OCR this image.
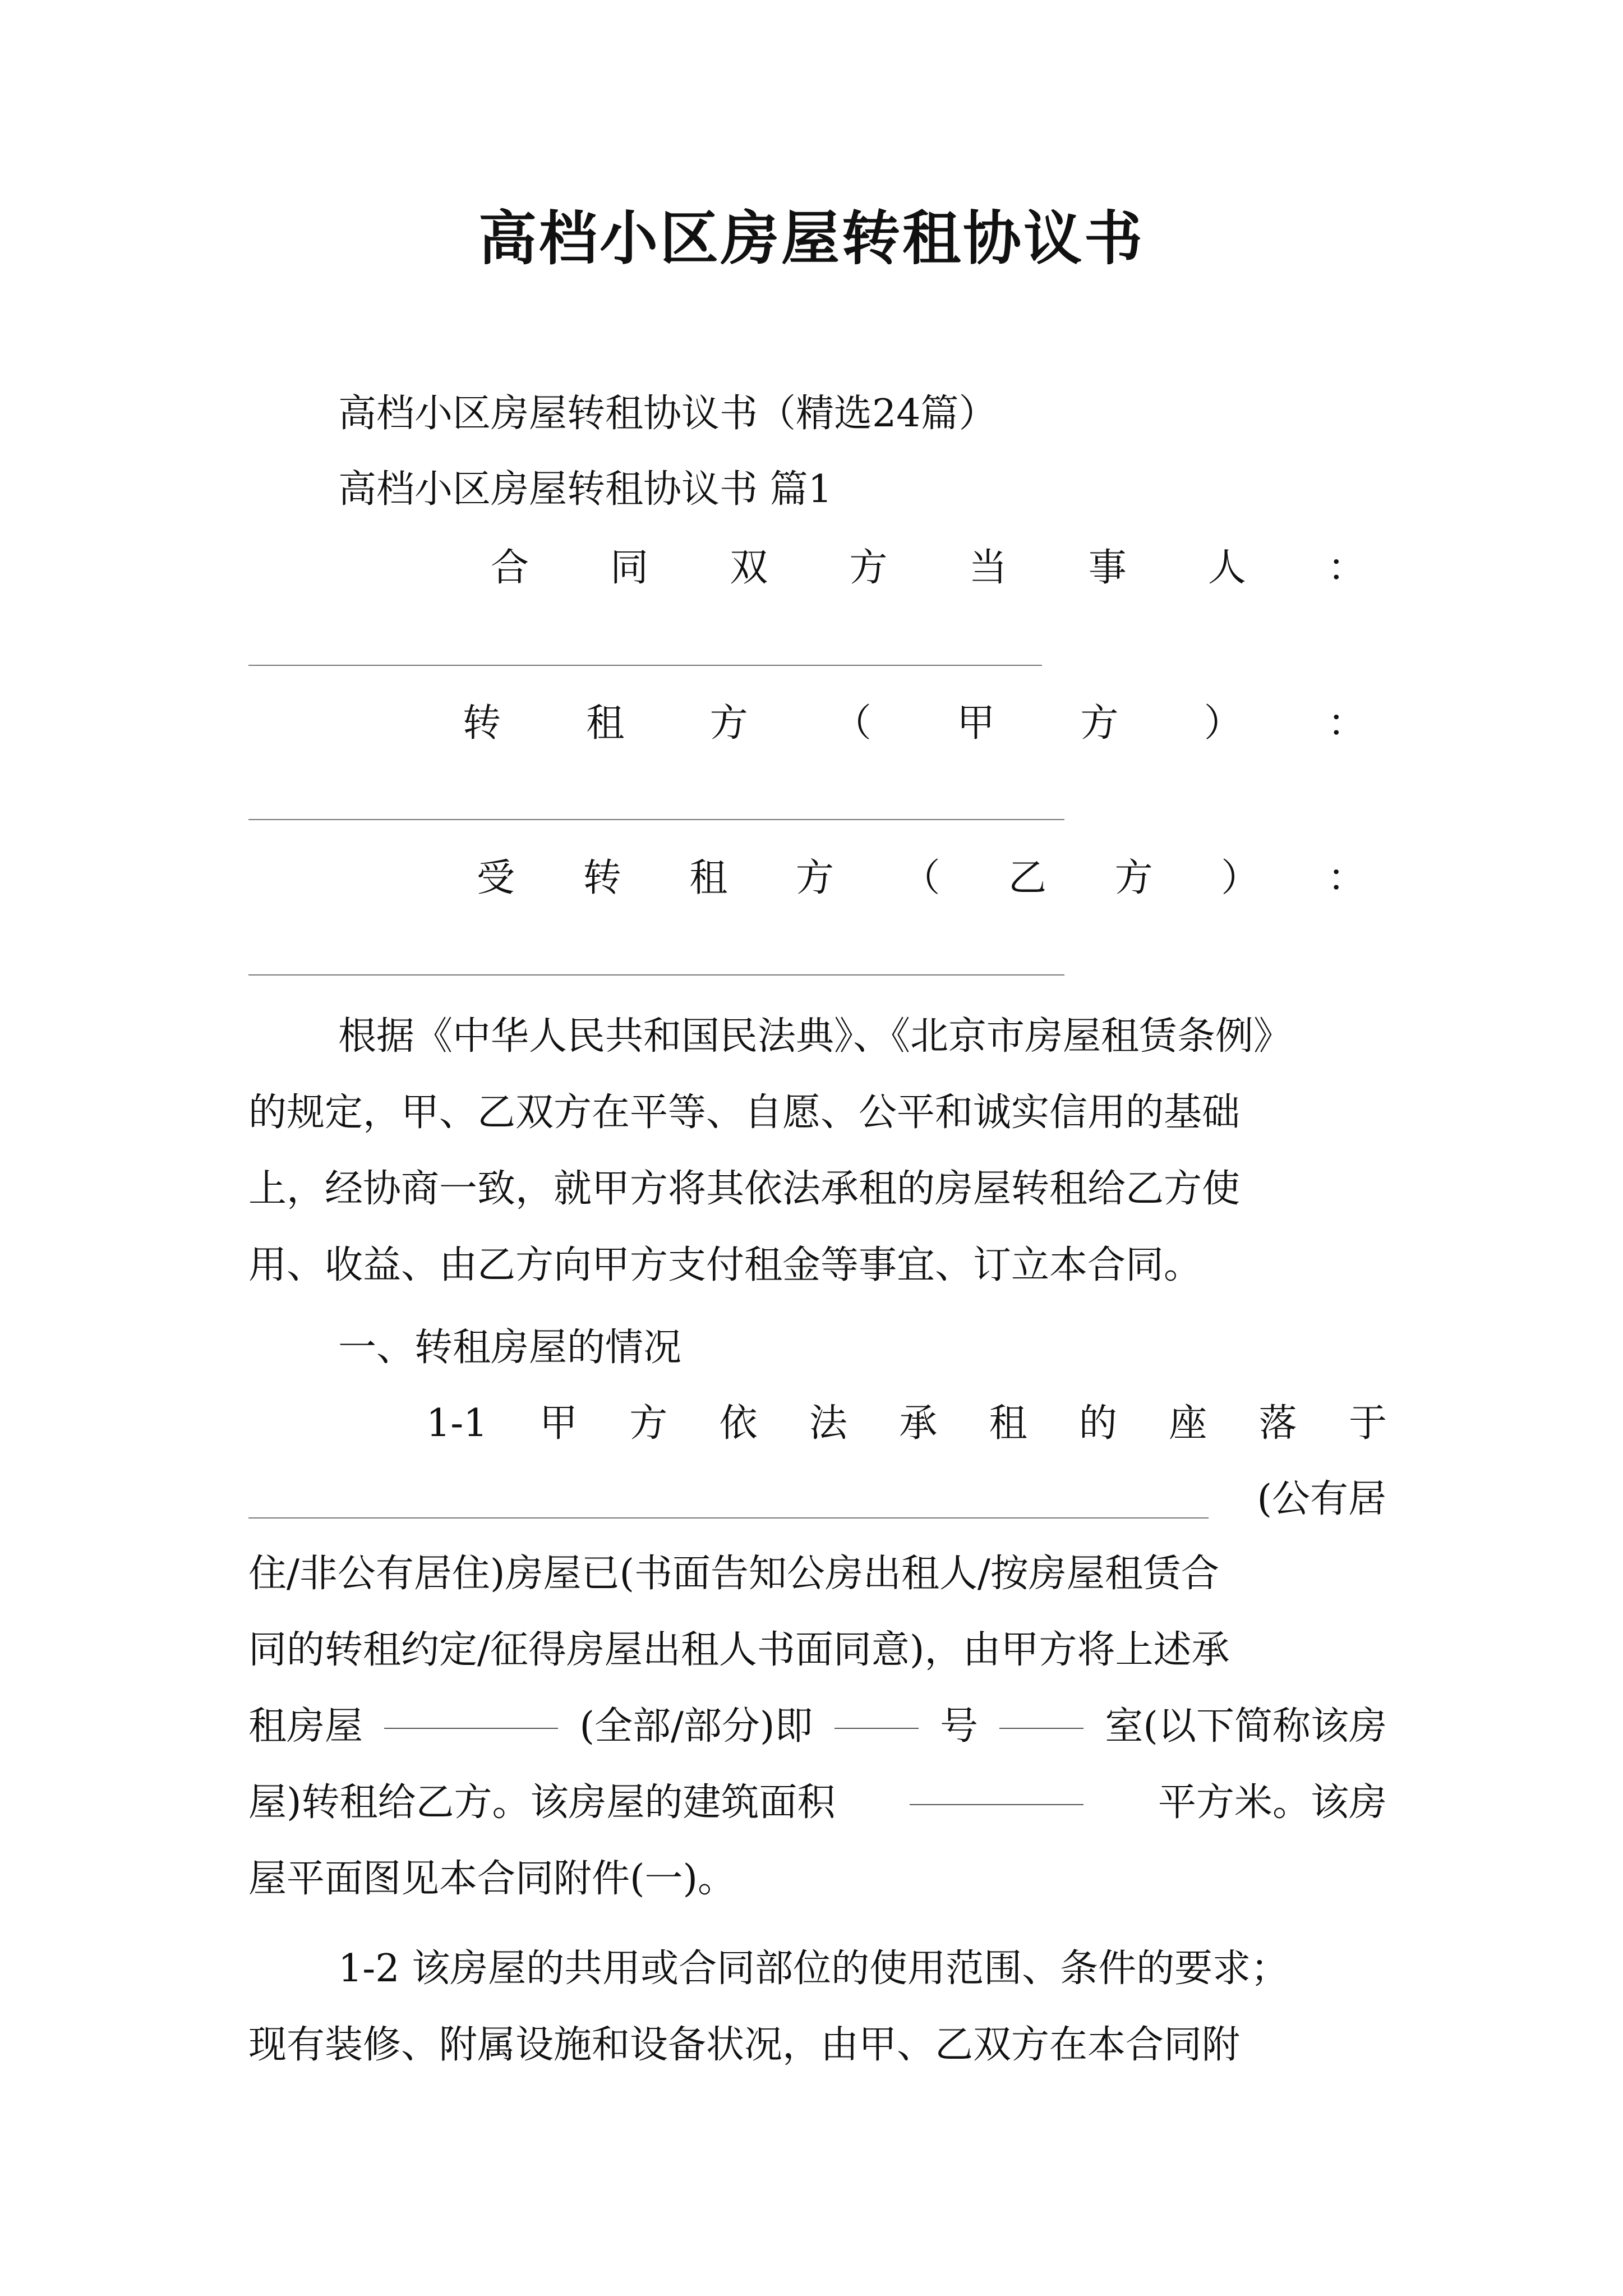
高档小区房屋转租协议书
高档小区房屋转租协议书（精选24篇）
高档小区房屋转租协议书 篇1
合 同 双 方 当 事 人 ：
转 租 方 （ 甲 方 ） ：
受 转 租 方 （ 乙 方 ） ：
根据《中华人民共和国民法典》、《北京市房屋租赁条例》
的规定，甲、乙双方在平等、自愿、公平和诚实信用的基础
上，经协商一致，就甲方将其依法承租的房屋转租给乙方使
用、收益、由乙方向甲方支付租金等事宜、订立本合同。
一、转租房屋的情况
1-1 甲 方 依 法 承 租 的 座 落 于
(公有居
住/非公有居住)房屋已(书面告知公房出租人/按房屋租赁合
同的转租约定/征得房屋出租人书面同意)，由甲方将上述承
租房屋	(全部/部分)即	号	室(以下简称该房
屋)转租给乙方。该房屋的建筑面积	平方米。该房
屋平面图见本合同附件(一)。
1-2 该房屋的共用或合同部位的使用范围、条件的要求；
现有装修、附属设施和设备状况，由甲、乙双方在本合同附
